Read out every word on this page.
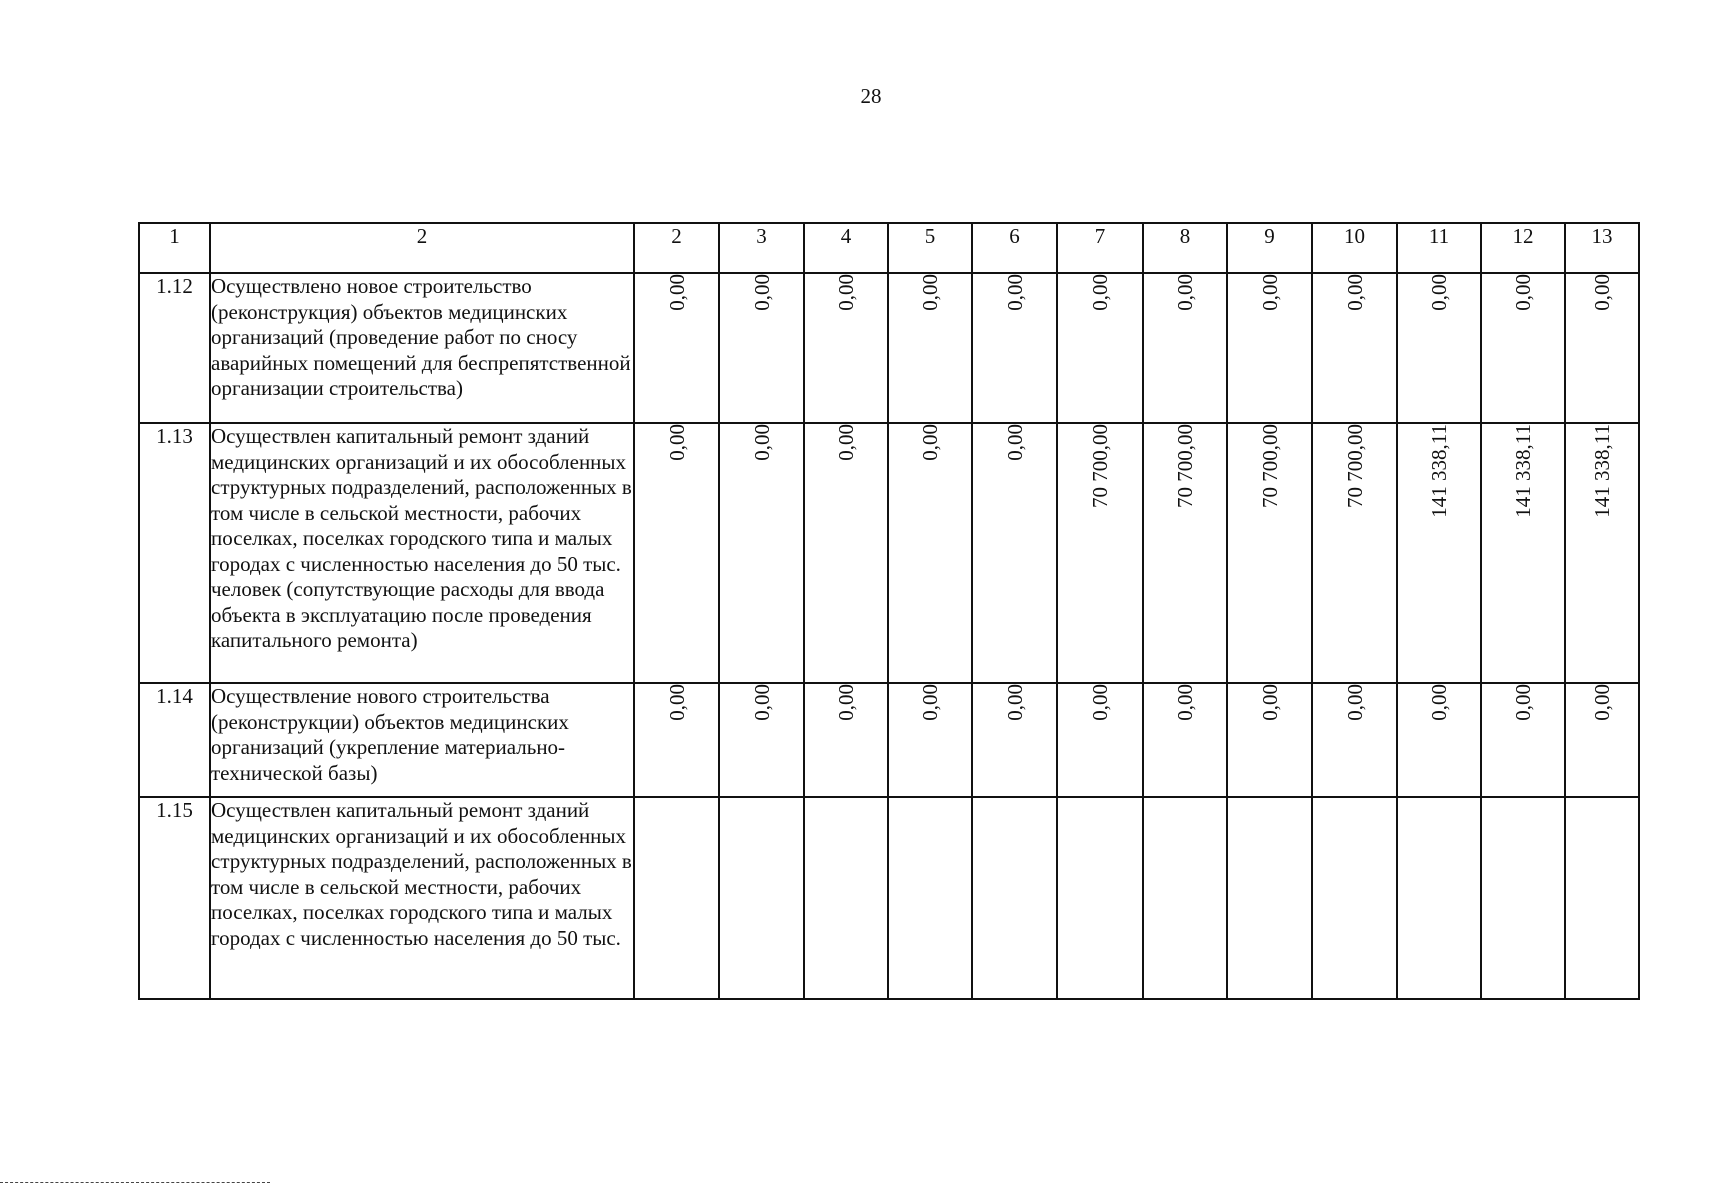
28
1	2	2	3	4	5	6	7	8	9	10	11	12	13
1.12	Осуществлено новое строительство (реконструкция) объектов медицинских организаций (проведение работ по сносу аварийных помещений для беспрепятственной организации строительства)	0,00	0,00	0,00	0,00	0,00	0,00	0,00	0,00	0,00	0,00	0,00	0,00
1.13	Осуществлен капитальный ремонт зданий медицинских организаций и их обособленных структурных подразделений, расположенных в том числе в сельской местности, рабочих поселках, поселках городского типа и малых городах с численностью населения до 50 тыс. человек (сопутствующие расходы для ввода объекта в эксплуатацию после проведения капитального ремонта)	0,00	0,00	0,00	0,00	0,00	70 700,00	70 700,00	70 700,00	70 700,00	141 338,11	141 338,11	141 338,11
1.14	Осуществление нового строительства (реконструкции) объектов медицинских организаций (укрепление материально-технической базы)	0,00	0,00	0,00	0,00	0,00	0,00	0,00	0,00	0,00	0,00	0,00	0,00
1.15	Осуществлен капитальный ремонт зданий медицинских организаций и их обособленных структурных подразделений, расположенных в том числе в сельской местности, рабочих поселках, поселках городского типа и малых городах с численностью населения до 50 тыс.												
